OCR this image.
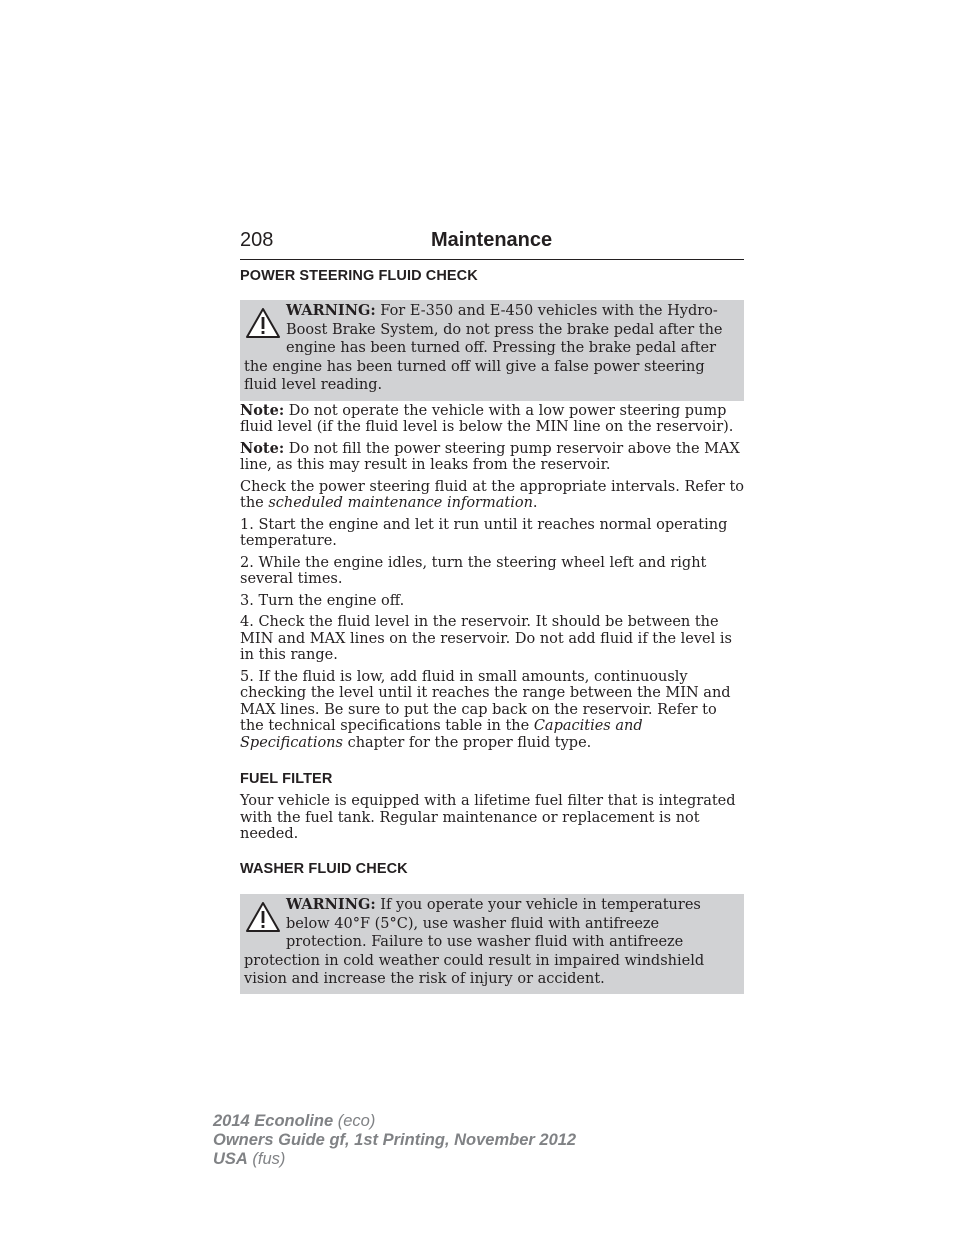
208	Maintenance
POWER STEERING FLUID CHECK
WARNING: For E-350 and E-450 vehicles with the Hydro-Boost Brake System, do not press the brake pedal after the engine has been turned off. Pressing the brake pedal after the engine has been turned off will give a false power steering fluid level reading.

Note: Do not operate the vehicle with a low power steering pump fluid level (if the fluid level is below the MIN line on the reservoir).

Note: Do not fill the power steering pump reservoir above the MAX line, as this may result in leaks from the reservoir.

Check the power steering fluid at the appropriate intervals. Refer to the scheduled maintenance information.

1. Start the engine and let it run until it reaches normal operating temperature.

2. While the engine idles, turn the steering wheel left and right several times.

3. Turn the engine off.

4. Check the fluid level in the reservoir. It should be between the MIN and MAX lines on the reservoir. Do not add fluid if the level is in this range.

5. If the fluid is low, add fluid in small amounts, continuously checking the level until it reaches the range between the MIN and MAX lines. Be sure to put the cap back on the reservoir. Refer to the technical specifications table in the Capacities and Specifications chapter for the proper fluid type.

FUEL FILTER

Your vehicle is equipped with a lifetime fuel filter that is integrated with the fuel tank. Regular maintenance or replacement is not needed.

WASHER FLUID CHECK
WARNING: If you operate your vehicle in temperatures below 40°F (5°C), use washer fluid with antifreeze protection. Failure to use washer fluid with antifreeze protection in cold weather could result in impaired windshield vision and increase the risk of injury or accident.
2014 Econoline (eco)
Owners Guide gf, 1st Printing, November 2012
USA (fus)
